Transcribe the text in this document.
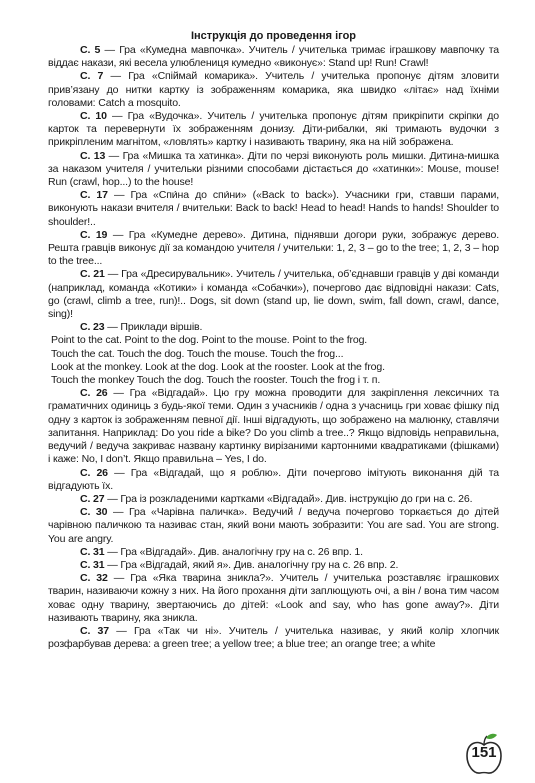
Інструкція до проведення ігор

С. 5 — Гра «Кумедна мавпочка». Учитель / учителька тримає іграшкову мавпочку та віддає накази, які весела улюблениця кумедно «виконує»: Stand up! Run! Crawl!

С. 7 — Гра «Спіймай комарика». Учитель / учителька пропонує дітям зловити прив’язану до нитки картку із зображенням комарика, яка швидко «літає» над їхніми головами: Catch a mosquito.

С. 10 — Гра «Вудочка». Учитель / учителька пропонує дітям прикріпити скріпки до карток та перевернути їх зображенням донизу. Діти-рибалки, які тримають вудочки з прикріпленим магнітом, «ловлять» картку і називають тварину, яка на ній зображена.

С. 13 — Гра «Мишка та хатинка». Діти по черзі виконують роль мишки. Дитина-мишка за наказом учителя / учительки різними способами дістається до «хатинки»: Mouse, mouse! Run (crawl, hop...) to the house!

С. 17 — Гра «Спи́на до спи́ни» («Back to back»). Учасники гри, ставши парами, виконують накази вчителя / вчительки: Back to back! Head to head! Hands to hands! Shoulder to shoulder!..

С. 19 — Гра «Кумедне дерево». Дитина, піднявши догори руки, зображує дерево. Решта гравців виконує дії за командою учителя / учительки: 1, 2, 3 – go to the tree; 1, 2, 3 – hop to the tree...

С. 21 — Гра «Дресирувальник». Учитель / учителька, об’єднавши гравців у дві команди (наприклад, команда «Котики» і команда «Собачки»), почергово дає відповідні накази: Cats, go (crawl, climb a tree, run)!.. Dogs, sit down (stand up, lie down, swim, fall down, crawl, dance, sing)!

С. 23 — Приклади віршів.

Point to the cat. Point to the dog. Point to the mouse. Point to the frog.
Touch the cat. Touch the dog. Touch the mouse. Touch the frog...
Look at the monkey. Look at the dog. Look at the rooster. Look at the frog.
Touch the monkey Touch the dog. Touch the rooster. Touch the frog і т. п.

С. 26 — Гра «Відгадай». Цю гру можна проводити для закріплення лексичних та граматичних одиниць з будь-якої теми. Один з учасників / одна з учасниць гри ховає фішку під одну з карток із зображенням певної дії. Інші відгадують, що зображено на малюнку, ставлячи запитання. Наприклад: Do you ride a bike? Do you climb a tree..? Якщо відповідь неправильна, ведучий / ведуча закриває названу картинку вирізаними картонними квадратиками (фішками) і каже: No, I don’t. Якщо правильна – Yes, I do.

С. 26 — Гра «Відгадай, що я роблю». Діти почергово імітують виконання дій та відгадують їх.

С. 27 — Гра із розкладеними картками «Відгадай». Див. інструкцію до гри на с. 26.

С. 30 — Гра «Чарівна паличка». Ведучий / ведуча почергово торкається до дітей чарівною паличкою та називає стан, який вони мають зобразити: You are sad. You are strong. You are angry.

С. 31 — Гра «Відгадай». Див. аналогічну гру на с. 26 впр. 1.

С. 31 — Гра «Відгадай, який я». Див. аналогічну гру на с. 26 впр. 2.

С. 32 — Гра «Яка тварина зникла?». Учитель / учителька розставляє іграшкових тварин, називаючи кожну з них. На його прохання діти заплющують очі, а він / вона тим часом ховає одну тварину, звертаючись до дітей: «Look and say, who has gone away?». Діти називають тварину, яка зникла.

С. 37 — Гра «Так чи ні». Учитель / учителька називає, у який колір хлопчик розфарбував дерева: a green tree; a yellow tree; a blue tree; an orange tree; a white

151
